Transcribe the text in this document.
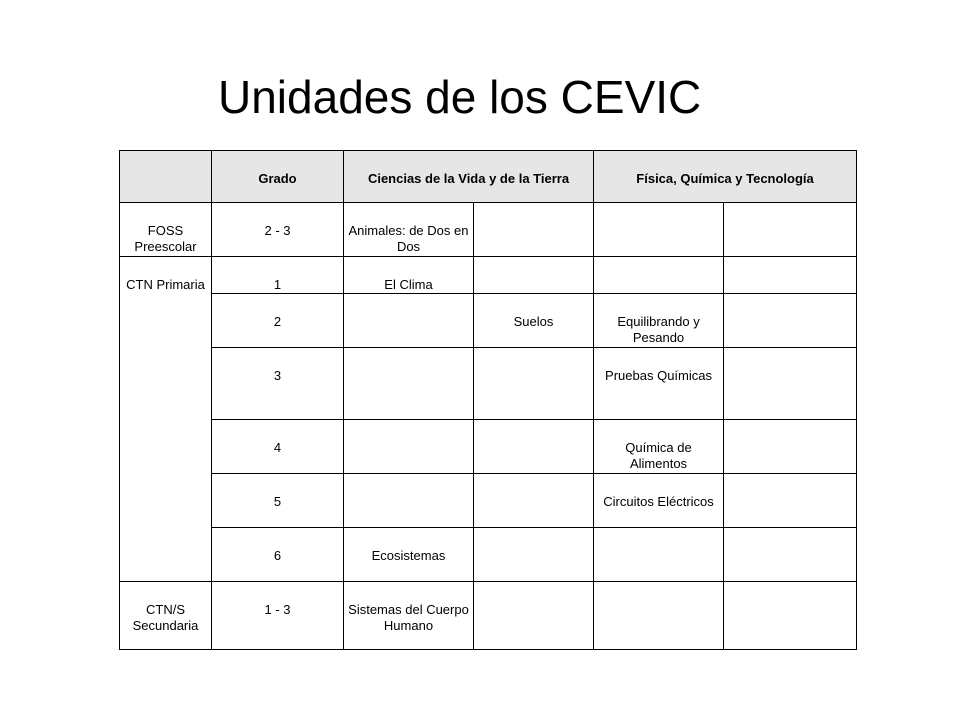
Unidades de los CEVIC
	Grado	Ciencias de la Vida y de la Tierra		Física, Química y Tecnología	
FOSS Preescolar	2 - 3	Animales: de Dos en Dos			
CTN Primaria	1	El Clima			
	2		Suelos	Equilibrando y Pesando	
	3			Pruebas Químicas	
	4			Química de Alimentos	
	5			Circuitos Eléctricos	
	6	Ecosistemas			
CTN/S Secundaria	1 - 3	Sistemas del Cuerpo Humano			
